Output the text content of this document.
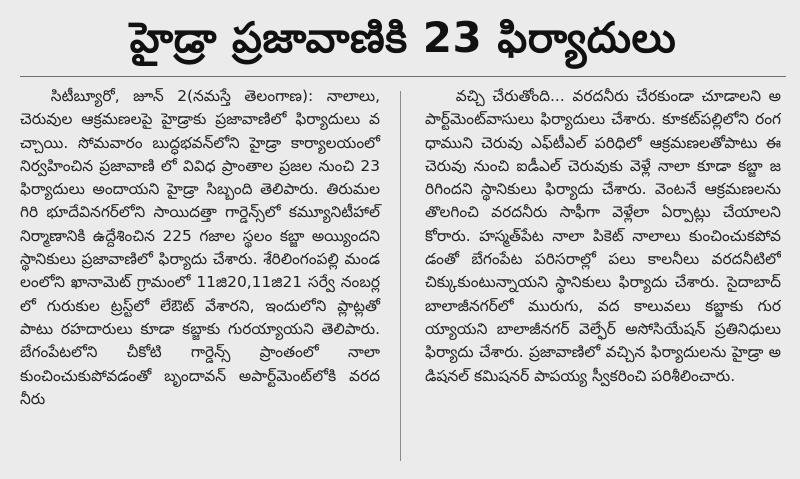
హైడ్రా ప్రజావాణికి 23 ఫిర్యాదులు

సిటీబ్యూరో, జూన్ 2(నమస్తే తెలంగాణ): నాలాలు, చెరువుల ఆక్రమణలపై హైడ్రాకు ప్రజావాణిలో ఫిర్యాదులు వచ్చాయి. సోమవారం బుద్ధభవన్‌లోని హైడ్రా కార్యాలయంలో నిర్వహించిన ప్రజావాణి లో వివిధ ప్రాంతాల ప్రజల నుంచి 23 ఫిర్యాదులు అందాయని హైడ్రా సిబ్బంది తెలిపారు. తిరుమలగిరి భూదేవినగర్‌లోని సాయిదత్తా గార్డెన్స్‌లో కమ్యూనిటీహాల్ నిర్మాణానికి ఉద్దేశించిన 225 గజాల స్థలం కబ్జా అయ్యిందని స్థానికులు ప్రజావాణిలో ఫిర్యాదు చేశారు. శేరిలింగంపల్లి మండలంలోని ఖానామెట్ గ్రామంలో 11జి20,11జి21 సర్వే నంబర్లలో గురుకుల ట్రస్ట్‌లో లేఔట్ వేశారని, ఇందులోని ప్లాట్లతో పాటు రహదారులు కూడా కబ్జాకు గురయ్యాయని తెలిపారు. బేగంపేటలోని చీకోటి గార్డెన్స్ ప్రాంతంలో నాలా కుంచించుకుపోవడంతో బృందావన్ అపార్ట్‌మెంట్‌లోకి వరదనీరు

వచ్చి చేరుతోంది... వరదనీరు చేరకుండా చూడాలని అపార్ట్‌మెంట్‌వాసులు ఫిర్యాదులు చేశారు. కూకట్‌పల్లిలోని రంగధాముని చెరువు ఎఫ్‌టీఎల్ పరిధిలో ఆక్రమణలతోపాటు ఈ చెరువు నుంచి ఐడీఎల్ చెరువుకు వెళ్లే నాలా కూడా కబ్జా జరిగిందని స్థానికులు ఫిర్యాదు చేశారు. వెంటనే ఆక్రమణలను తొలగించి వరదనీరు సాఫీగా వెళ్లేలా ఏర్పాట్లు చేయాలని కోరారు. హస్మత్‌పేట నాలా పికెట్ నాలాలు కుంచించుకపోవడంతో బేగంపేట పరిసరాల్లో పలు కాలనీలు వరదనీటిలో చిక్కుకుంటున్నాయని స్థానికులు ఫిర్యాదు చేశారు. సైదాబాద్ బాలాజీనగర్‌లో మురుగు, వద కాలువలు కబ్జాకు గురయ్యాయని బాలాజీనగర్ వెల్ఫేర్ అసోసియేషన్ ప్రతినిధులు ఫిర్యాదు చేశారు. ప్రజావాణిలో వచ్చిన ఫిర్యాదులను హైడ్రా అడిషనల్ కమిషనర్ పాపయ్య స్వీకరించి పరిశీలించారు.
